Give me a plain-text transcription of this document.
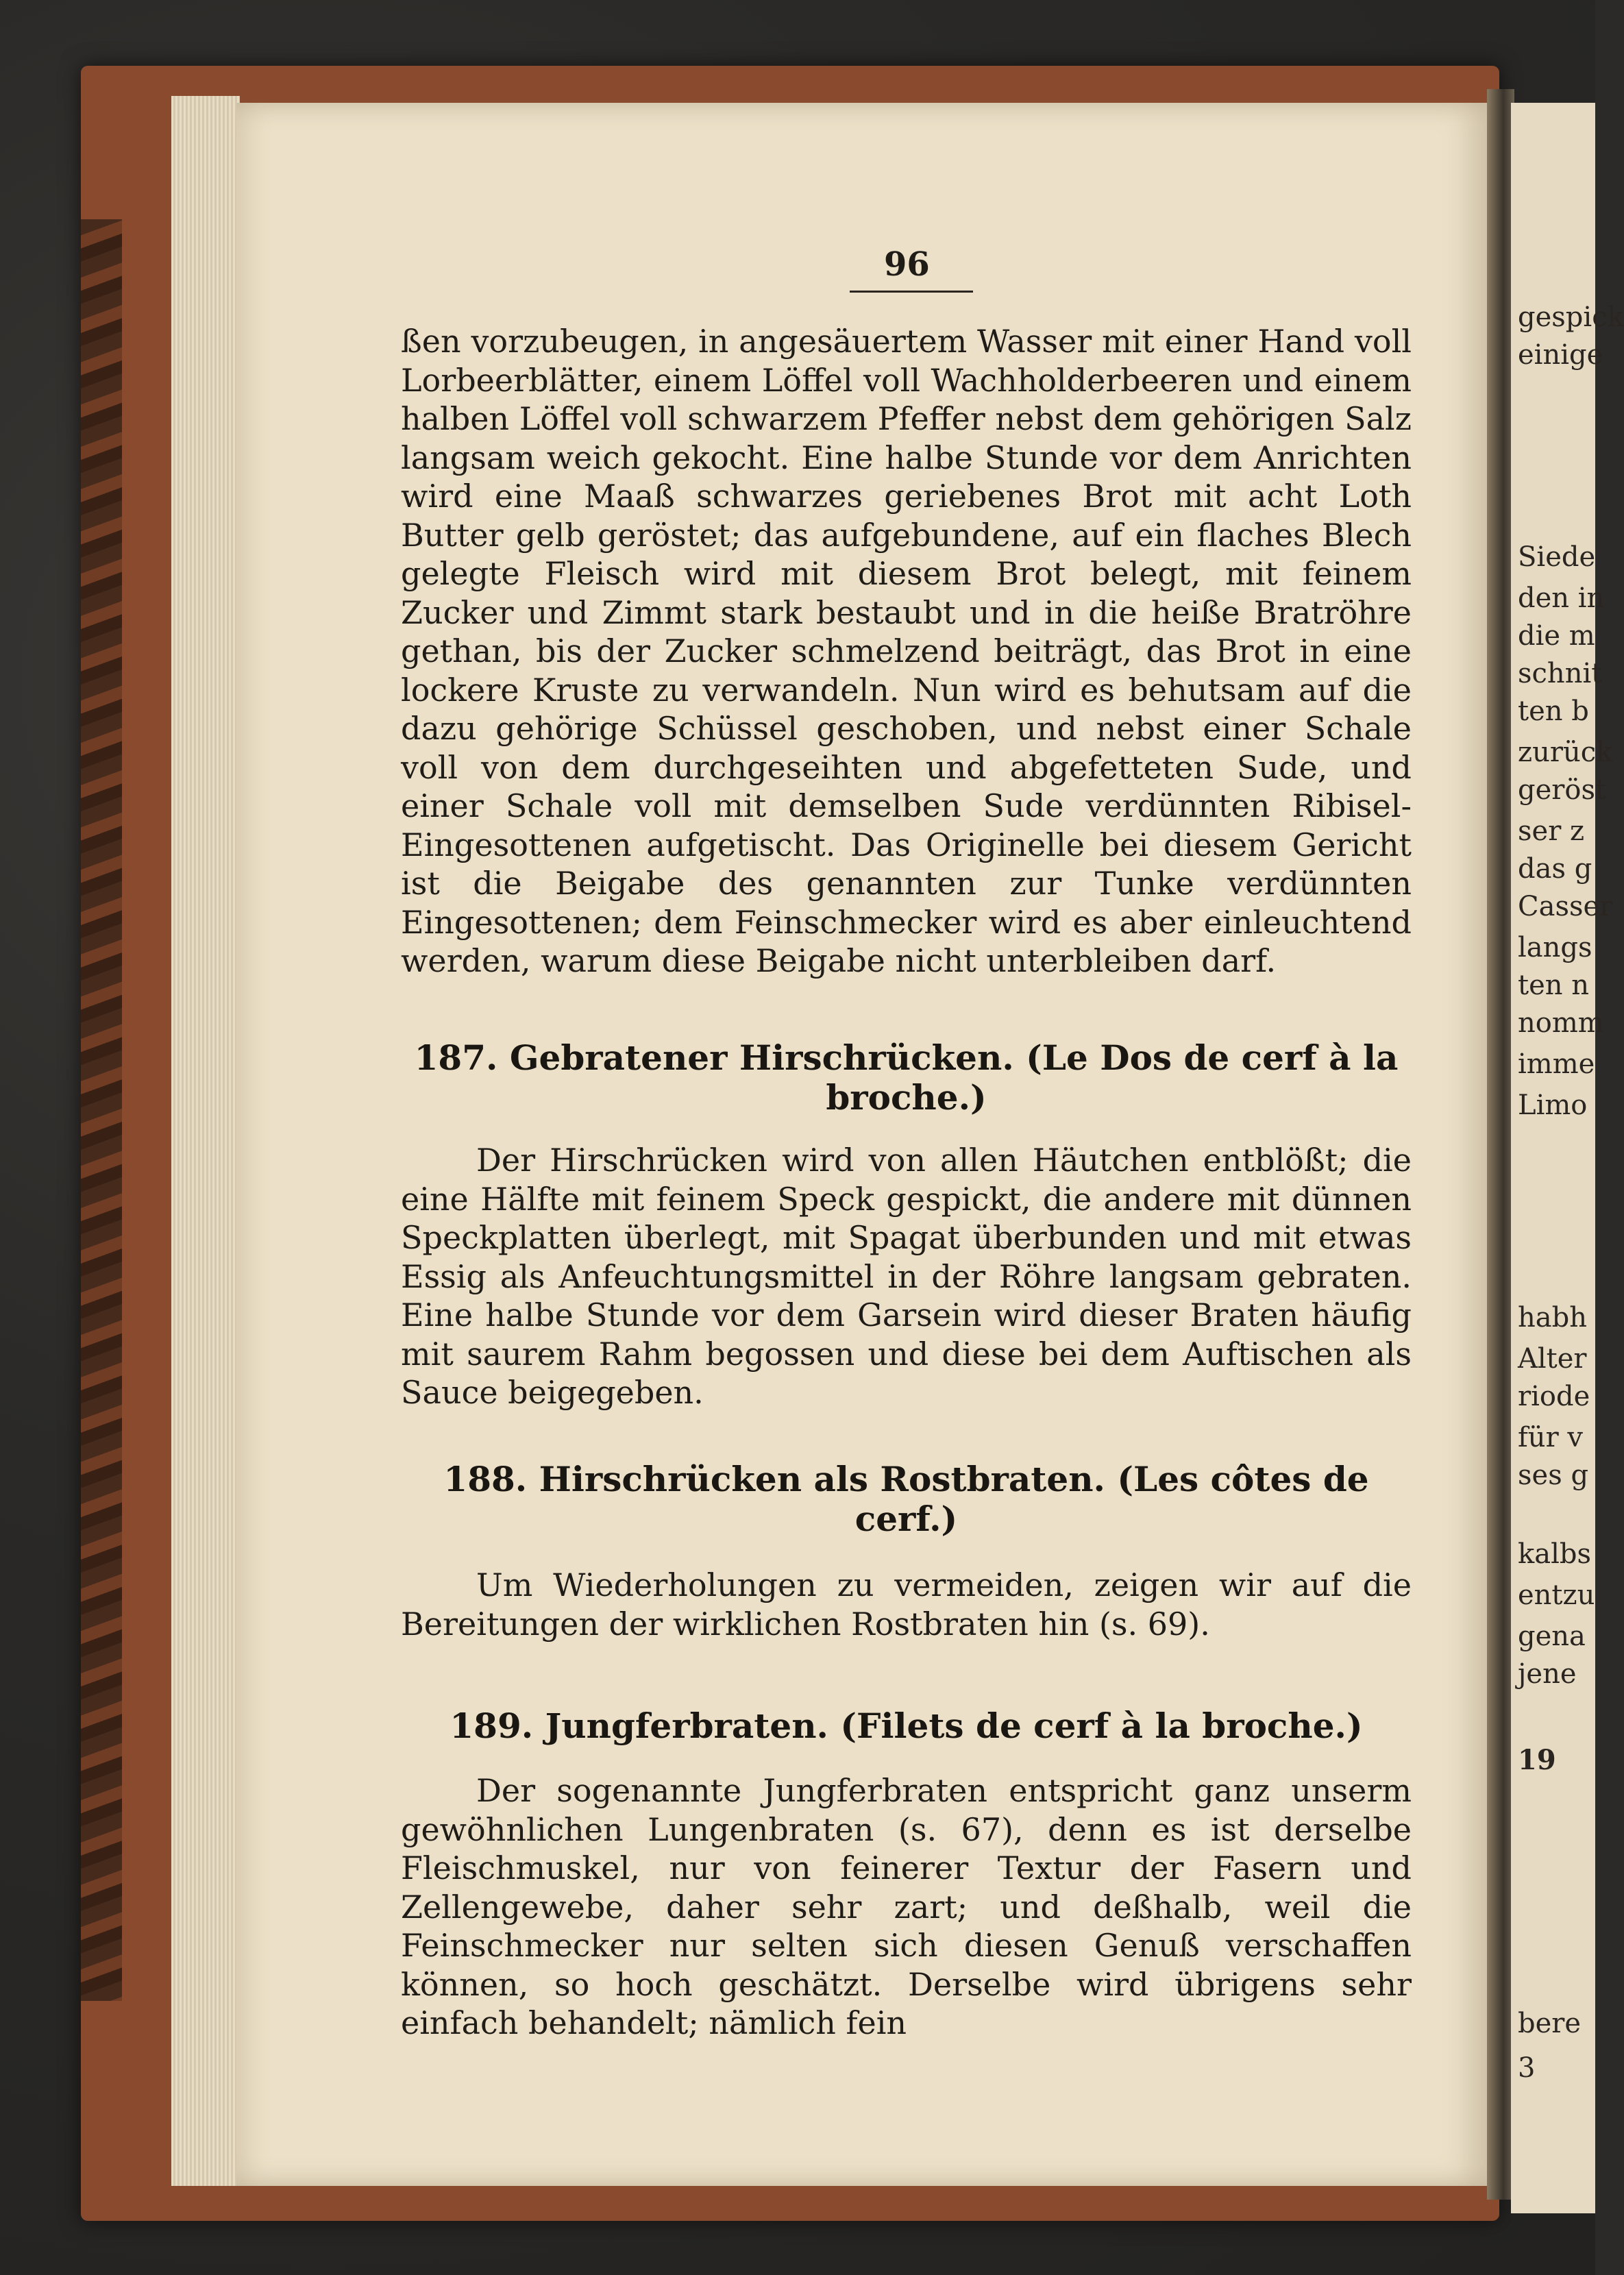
96
ßen vorzubeugen, in angesäuertem Wasser mit einer Hand voll Lorbeerblätter, einem Löffel voll Wachholderbeeren und einem halben Löffel voll schwarzem Pfeffer nebst dem gehörigen Salz langsam weich gekocht. Eine halbe Stunde vor dem Anrichten wird eine Maaß schwarzes geriebenes Brot mit acht Loth Butter gelb geröstet; das aufgebundene, auf ein flaches Blech gelegte Fleisch wird mit diesem Brot belegt, mit feinem Zucker und Zimmt stark bestaubt und in die heiße Bratröhre gethan, bis der Zucker schmelzend beiträgt, das Brot in eine lockere Kruste zu verwandeln. Nun wird es behutsam auf die dazu gehörige Schüssel geschoben, und nebst einer Schale voll von dem durchgeseihten und abgefetteten Sude, und einer Schale voll mit demselben Sude verdünnten Ribisel-Eingesottenen aufgetischt. Das Originelle bei diesem Gericht ist die Beigabe des genannten zur Tunke verdünnten Eingesottenen; dem Feinschmecker wird es aber einleuchtend werden, warum diese Beigabe nicht unterbleiben darf.
187. Gebratener Hirschrücken. (Le Dos de cerf à la broche.)
Der Hirschrücken wird von allen Häutchen entblößt; die eine Hälfte mit feinem Speck gespickt, die andere mit dünnen Speckplatten überlegt, mit Spagat überbunden und mit etwas Essig als Anfeuchtungsmittel in der Röhre langsam gebraten. Eine halbe Stunde vor dem Garsein wird dieser Braten häufig mit saurem Rahm begossen und diese bei dem Auftischen als Sauce beigegeben.
188. Hirschrücken als Rostbraten. (Les côtes de cerf.)
Um Wiederholungen zu vermeiden, zeigen wir auf die Bereitungen der wirklichen Rostbraten hin (s. 69).
189. Jungferbraten. (Filets de cerf à la broche.)
Der sogenannte Jungferbraten entspricht ganz unserm gewöhnlichen Lungenbraten (s. 67), denn es ist derselbe Fleischmuskel, nur von feinerer Textur der Fasern und Zellengewebe, daher sehr zart; und deßhalb, weil die Feinschmecker nur selten sich diesen Genuß verschaffen können, so hoch geschätzt. Derselbe wird übrigens sehr einfach behandelt; nämlich fein
gespick
einige
Siede
den in
die m
schnit
ten b
zurück
geröst
ser z
das g
Casser
langs
ten n
nomm
imme
Limo
habh
Alter
riode
für v
ses g
kalbs
entzu
gena
jene
19
bere
3
